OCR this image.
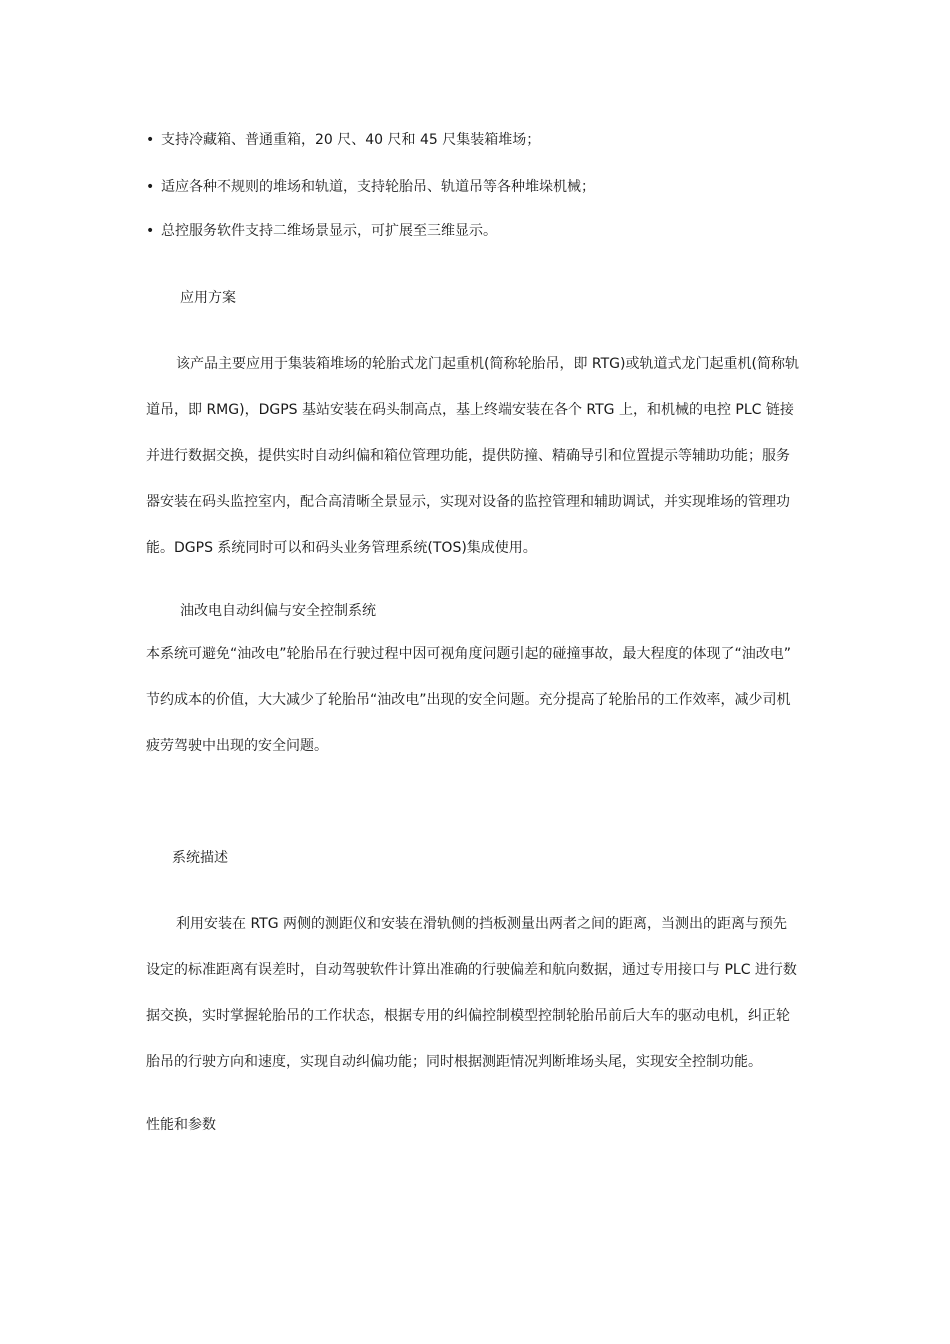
• 支持冷藏箱、普通重箱，20 尺、40 尺和 45 尺集装箱堆场；
• 适应各种不规则的堆场和轨道，支持轮胎吊、轨道吊等各种堆垛机械；
• 总控服务软件支持二维场景显示，可扩展至三维显示。
应用方案
该产品主要应用于集装箱堆场的轮胎式龙门起重机(简称轮胎吊，即 RTG)或轨道式龙门起重机(简称轨
道吊，即 RMG)，DGPS 基站安装在码头制高点，基上终端安装在各个 RTG 上，和机械的电控 PLC 链接
并进行数据交换，提供实时自动纠偏和箱位管理功能，提供防撞、精确导引和位置提示等辅助功能；服务
器安装在码头监控室内，配合高清晰全景显示，实现对设备的监控管理和辅助调试，并实现堆场的管理功
能。DGPS 系统同时可以和码头业务管理系统(TOS)集成使用。
油改电自动纠偏与安全控制系统
本系统可避免“油改电”轮胎吊在行驶过程中因可视角度问题引起的碰撞事故，最大程度的体现了“油改电”
节约成本的价值，大大减少了轮胎吊“油改电”出现的安全问题。充分提高了轮胎吊的工作效率，减少司机
疲劳驾驶中出现的安全问题。
系统描述
利用安装在 RTG 两侧的测距仪和安装在滑轨侧的挡板测量出两者之间的距离，当测出的距离与预先
设定的标准距离有误差时，自动驾驶软件计算出准确的行驶偏差和航向数据，通过专用接口与 PLC 进行数
据交换，实时掌握轮胎吊的工作状态，根据专用的纠偏控制模型控制轮胎吊前后大车的驱动电机，纠正轮
胎吊的行驶方向和速度，实现自动纠偏功能；同时根据测距情况判断堆场头尾，实现安全控制功能。
性能和参数
